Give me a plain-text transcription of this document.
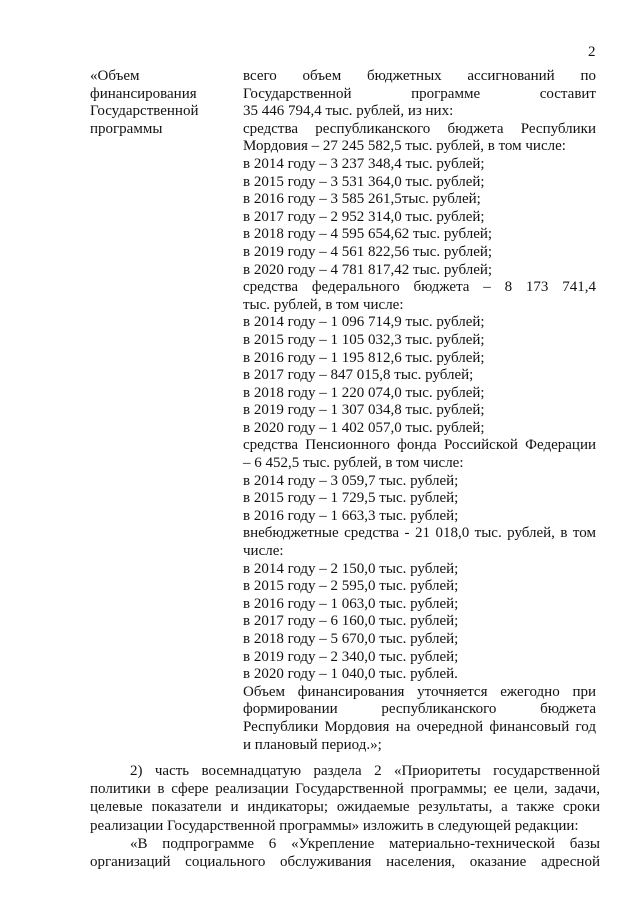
2
«Объем
финансирования
Государственной
программы
всего объем бюджетных ассигнований по
Государственной программе составит
35 446 794,4 тыс. рублей, из них:
средства республиканского бюджета Республики
Мордовия – 27 245 582,5 тыс. рублей, в том числе:
в 2014 году – 3 237 348,4 тыс. рублей;
в 2015 году – 3 531 364,0 тыс. рублей;
в 2016 году – 3 585 261,5тыс. рублей;
в 2017 году – 2 952 314,0 тыс. рублей;
в 2018 году – 4 595 654,62 тыс. рублей;
в 2019 году – 4 561 822,56 тыс. рублей;
в 2020 году – 4 781 817,42 тыс. рублей;
средства федерального бюджета – 8 173 741,4
тыс. рублей, в том числе:
в 2014 году – 1 096 714,9 тыс. рублей;
в 2015 году – 1 105 032,3 тыс. рублей;
в 2016 году – 1 195 812,6 тыс. рублей;
в 2017 году – 847 015,8 тыс. рублей;
в 2018 году – 1 220 074,0 тыс. рублей;
в 2019 году – 1 307 034,8 тыс. рублей;
в 2020 году – 1 402 057,0 тыс. рублей;
средства Пенсионного фонда Российской Федерации
– 6 452,5 тыс. рублей, в том числе:
в 2014 году – 3 059,7 тыс. рублей;
в 2015 году – 1 729,5 тыс. рублей;
в 2016 году – 1 663,3 тыс. рублей;
внебюджетные средства - 21 018,0 тыс. рублей, в том
числе:
в 2014 году – 2 150,0 тыс. рублей;
в 2015 году – 2 595,0 тыс. рублей;
в 2016 году – 1 063,0 тыс. рублей;
в 2017 году – 6 160,0 тыс. рублей;
в 2018 году – 5 670,0 тыс. рублей;
в 2019 году – 2 340,0 тыс. рублей;
в 2020 году – 1 040,0 тыс. рублей.
Объем финансирования уточняется ежегодно при
формировании республиканского бюджета
Республики Мордовия на очередной финансовый год
и плановый период.»;
2) часть восемнадцатую раздела 2 «Приоритеты государственной
политики в сфере реализации Государственной программы; ее цели, задачи,
целевые показатели и индикаторы; ожидаемые результаты, а также сроки
реализации Государственной программы» изложить в следующей редакции:
«В подпрограмме 6 «Укрепление материально-технической базы
организаций социального обслуживания населения, оказание адресной
